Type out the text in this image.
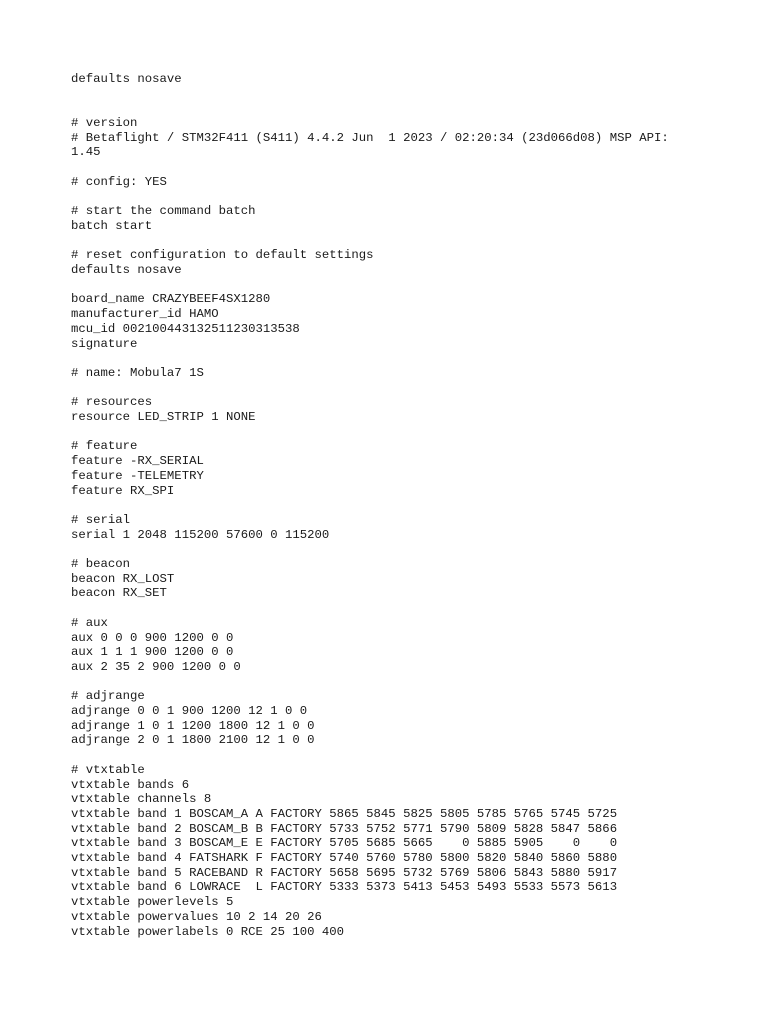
defaults nosave
# version
# Betaflight / STM32F411 (S411) 4.4.2 Jun  1 2023 / 02:20:34 (23d066d08) MSP API:
1.45
# config: YES
# start the command batch
batch start
# reset configuration to default settings
defaults nosave
board_name CRAZYBEEF4SX1280
manufacturer_id HAMO
mcu_id 002100443132511230313538
signature
# name: Mobula7 1S
# resources
resource LED_STRIP 1 NONE
# feature
feature -RX_SERIAL
feature -TELEMETRY
feature RX_SPI
# serial
serial 1 2048 115200 57600 0 115200
# beacon
beacon RX_LOST
beacon RX_SET
# aux
aux 0 0 0 900 1200 0 0
aux 1 1 1 900 1200 0 0
aux 2 35 2 900 1200 0 0
# adjrange
adjrange 0 0 1 900 1200 12 1 0 0
adjrange 1 0 1 1200 1800 12 1 0 0
adjrange 2 0 1 1800 2100 12 1 0 0
# vtxtable
vtxtable bands 6
vtxtable channels 8
vtxtable band 1 BOSCAM_A A FACTORY 5865 5845 5825 5805 5785 5765 5745 5725
vtxtable band 2 BOSCAM_B B FACTORY 5733 5752 5771 5790 5809 5828 5847 5866
vtxtable band 3 BOSCAM_E E FACTORY 5705 5685 5665    0 5885 5905    0    0
vtxtable band 4 FATSHARK F FACTORY 5740 5760 5780 5800 5820 5840 5860 5880
vtxtable band 5 RACEBAND R FACTORY 5658 5695 5732 5769 5806 5843 5880 5917
vtxtable band 6 LOWRACE  L FACTORY 5333 5373 5413 5453 5493 5533 5573 5613
vtxtable powerlevels 5
vtxtable powervalues 10 2 14 20 26
vtxtable powerlabels 0 RCE 25 100 400
